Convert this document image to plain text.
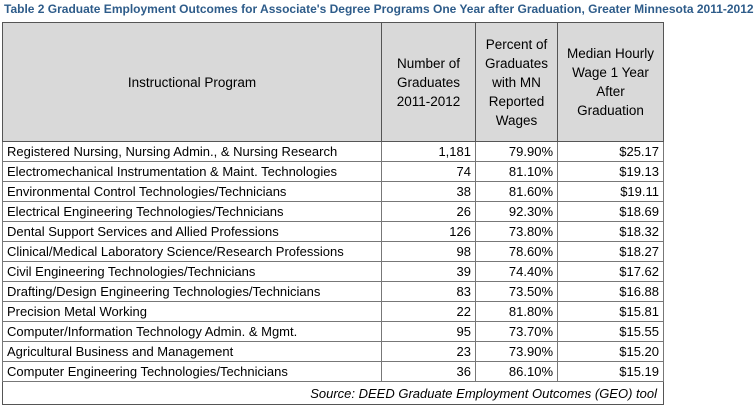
Table 2 Graduate Employment Outcomes for Associate's Degree Programs One Year after Graduation, Greater Minnesota 2011-2012
Instructional Program	Number of Graduates 2011-2012	Percent of Graduates with MN Reported Wages	Median Hourly Wage 1 Year After Graduation
Registered Nursing, Nursing Admin., & Nursing Research	1,181	79.90%	$25.17
Electromechanical Instrumentation & Maint. Technologies	74	81.10%	$19.13
Environmental Control Technologies/Technicians	38	81.60%	$19.11
Electrical Engineering Technologies/Technicians	26	92.30%	$18.69
Dental Support Services and Allied Professions	126	73.80%	$18.32
Clinical/Medical Laboratory Science/Research Professions	98	78.60%	$18.27
Civil Engineering Technologies/Technicians	39	74.40%	$17.62
Drafting/Design Engineering Technologies/Technicians	83	73.50%	$16.88
Precision Metal Working	22	81.80%	$15.81
Computer/Information Technology Admin. & Mgmt.	95	73.70%	$15.55
Agricultural Business and Management	23	73.90%	$15.20
Computer Engineering Technologies/Technicians	36	86.10%	$15.19
Source: DEED Graduate Employment Outcomes (GEO) tool			
